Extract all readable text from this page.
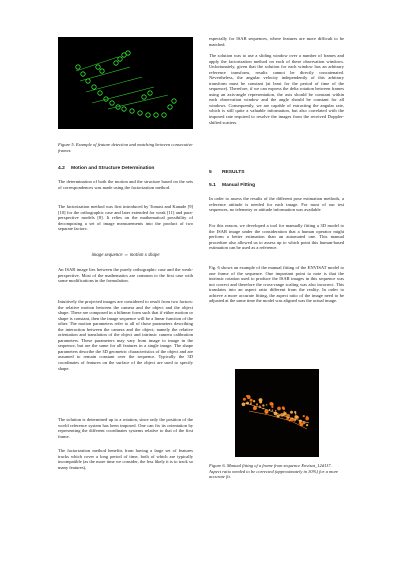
Figure 5. Example of feature detection and matching between consecutive frames.

4.2 Motion and Structure Determination

The determination of both the motion and the structure based on the sets of correspondences was made using the factorization method.

The factorization method was first introduced by Tomasi and Kanade [9][10] for the orthographic case and later extended for weak [11] and para-perspective models [8]. It relies on the mathematical possibility of decomposing a set of image measurements into the product of two separate factors:

image sequence ⇔ motion x shape

An ISAR image lies between the purely orthographic case and the weak-perspective. Most of the mathematics are common to the first case with some modifications in the formulation.

Intuitively the projected images are considered to result from two factors: the relative motion between the camera and the object and the object shape. These are composed in a bilinear form such that if either motion or shape is constant, then the image sequence will be a linear function of the other. The motion parameters refer to all of those parameters describing the interaction between the camera and the object; namely the relative orientation and translation of the object and intrinsic camera calibration parameters. These parameters may vary from image to image in the sequence, but are the same for all features in a single image. The shape parameters describe the 3D geometric characteristics of the object and are assumed to remain constant over the sequence. Typically the 3D coordinates of features on the surface of the object are used to specify shape.

The solution is determined up to a rotation, since only the position of the world reference system has been imposed. One can fix its orientation by representing the different coordinates systems relative to that of the first frame.

The factorization method benefits from having a large set of features tracks which cover a long period of time, both of which are typically incompatible (as the more time we consider, the less likely it is to track so many features),

especially for ISAR sequences, where features are more difficult to be matched.

The solution was to use a sliding window over a number of frames and apply the factorization method on each of these observation windows. Unfortunately, given that the solution for each window has an arbitrary reference transform, results cannot be directly concatenated. Nevertheless, the angular velocity independently of this arbitrary transform must be constant (at least for the period of time of the sequence). Therefore, if we can express the delta rotation between frames using an axis-angle representation, the axis should be constant within each observation window and the angle should be constant for all windows. Consequently, we are capable of extracting the angular rate, which is still quite a valuable information, but also correlated with the imposed rate required to resolve the images from the received Doppler-shifted scatters.

5 RESULTS
5.1 Manual Fitting

In order to assess the results of the different pose estimation methods, a reference attitude is needed for each image. For most of our test sequences, no telemetry or attitude information was available

For this reason, we developed a tool for manually fitting a 3D model to the ISAR image under the consideration that a human operator might perform a better estimation than an automated one. This manual procedure also allowed us to assess up to which point this human-based estimation can be used as a reference.

Fig. 6 shows an example of the manual fitting of the ENVISAT model to one frame of the sequence. One important point to note is that the intrinsic rotation used to produce the ISAR images in this sequence was not correct and therefore the cross-range scaling was also incorrect. This translates into an aspect ratio different from the reality. In order to achieve a more accurate fitting, the aspect ratio of the image need to be adjusted at the same time the model was aligned was the actual image.

Figure 6. Manual fitting of a frame from sequence Envisat_12d117. Aspect ratio needed to be corrected (approximately in 30%) for a more accurate fit.
